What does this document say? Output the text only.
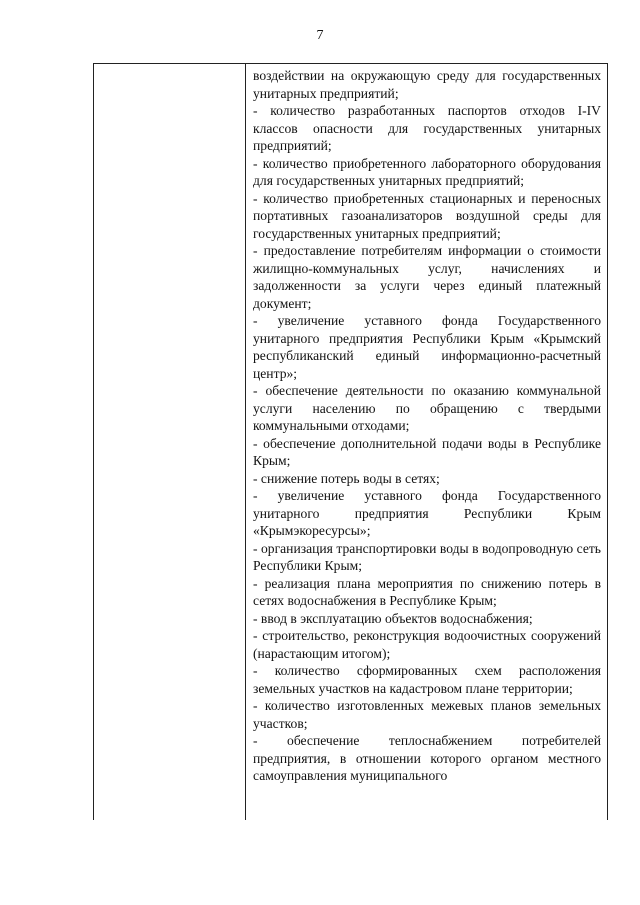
7

воздействии на окружающую среду для государственных унитарных предприятий;

- количество разработанных паспортов отходов I-IV классов опасности для государственных унитарных предприятий;

- количество приобретенного лабораторного оборудования для государственных унитарных предприятий;

- количество приобретенных стационарных и переносных портативных газоанализаторов воздушной среды для государственных унитарных предприятий;

- предоставление потребителям информации о стоимости жилищно-коммунальных услуг, начислениях и задолженности за услуги через единый платежный документ;

- увеличение уставного фонда Государственного унитарного предприятия Республики Крым «Крымский республиканский единый информационно-расчетный центр»;

- обеспечение деятельности по оказанию коммунальной услуги населению по обращению с твердыми коммунальными отходами;

- обеспечение дополнительной подачи воды в Республике Крым;

- снижение потерь воды в сетях;

- увеличение уставного фонда Государственного унитарного предприятия Республики Крым «Крымэкоресурсы»;

- организация транспортировки воды в водопроводную сеть Республики Крым;

- реализация плана мероприятия по снижению потерь в сетях водоснабжения в Республике Крым;

- ввод в эксплуатацию объектов водоснабжения;

- строительство, реконструкция водоочистных сооружений (нарастающим итогом);

- количество сформированных схем расположения земельных участков на кадастровом плане территории;

- количество изготовленных межевых планов земельных участков;

- обеспечение теплоснабжением потребителей предприятия, в отношении которого органом местного самоуправления муниципального
